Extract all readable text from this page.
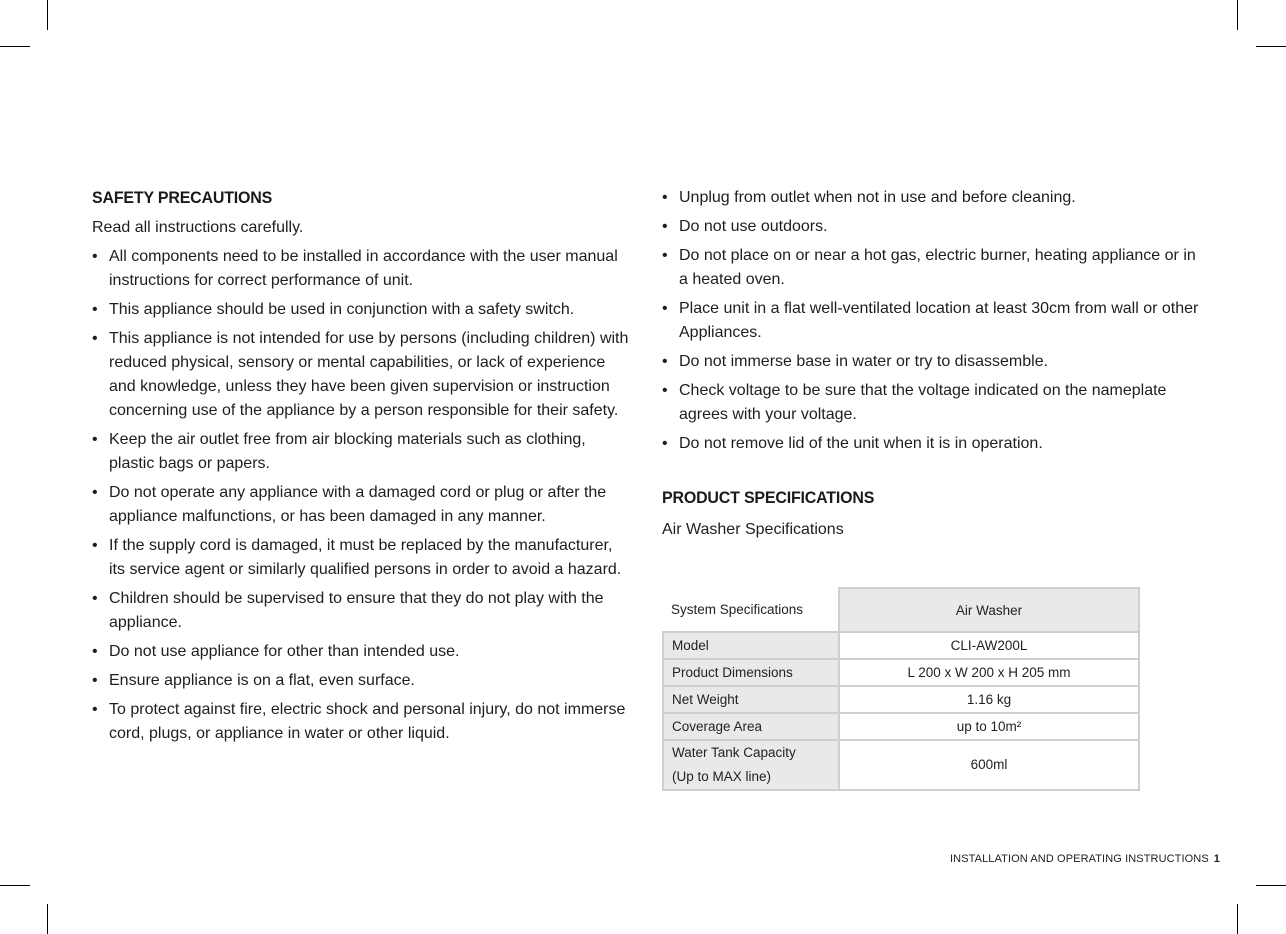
SAFETY PRECAUTIONS

Read all instructions carefully.

• All components need to be installed in accordance with the user manual instructions for correct performance of unit.
• This appliance should be used in conjunction with a safety switch.
• This appliance is not intended for use by persons (including children) with reduced physical, sensory or mental capabilities, or lack of experience and knowledge, unless they have been given supervision or instruction concerning use of the appliance by a person responsible for their safety.
• Keep the air outlet free from air blocking materials such as clothing, plastic bags or papers.
• Do not operate any appliance with a damaged cord or plug or after the appliance malfunctions, or has been damaged in any manner.
• If the supply cord is damaged, it must be replaced by the manufacturer, its service agent or similarly qualified persons in order to avoid a hazard.
• Children should be supervised to ensure that they do not play with the appliance.
• Do not use appliance for other than intended use.
• Ensure appliance is on a flat, even surface.
• To protect against fire, electric shock and personal injury, do not immerse cord, plugs, or appliance in water or other liquid.
• Unplug from outlet when not in use and before cleaning.
• Do not use outdoors.
• Do not place on or near a hot gas, electric burner, heating appliance or in a heated oven.
• Place unit in a flat well-ventilated location at least 30cm from wall or other Appliances.
• Do not immerse base in water or try to disassemble.
• Check voltage to be sure that the voltage indicated on the nameplate agrees with your voltage.
• Do not remove lid of the unit when it is in operation.
PRODUCT SPECIFICATIONS

Air Washer Specifications

System Specifications	Air Washer
Model	CLI-AW200L
Product Dimensions	L 200 x W 200 x H 205 mm
Net Weight	1.16 kg
Coverage Area	up to 10m²

Water Tank Capacity
(Up to MAX line)	600ml
INSTALLATION AND OPERATING INSTRUCTIONS 1
